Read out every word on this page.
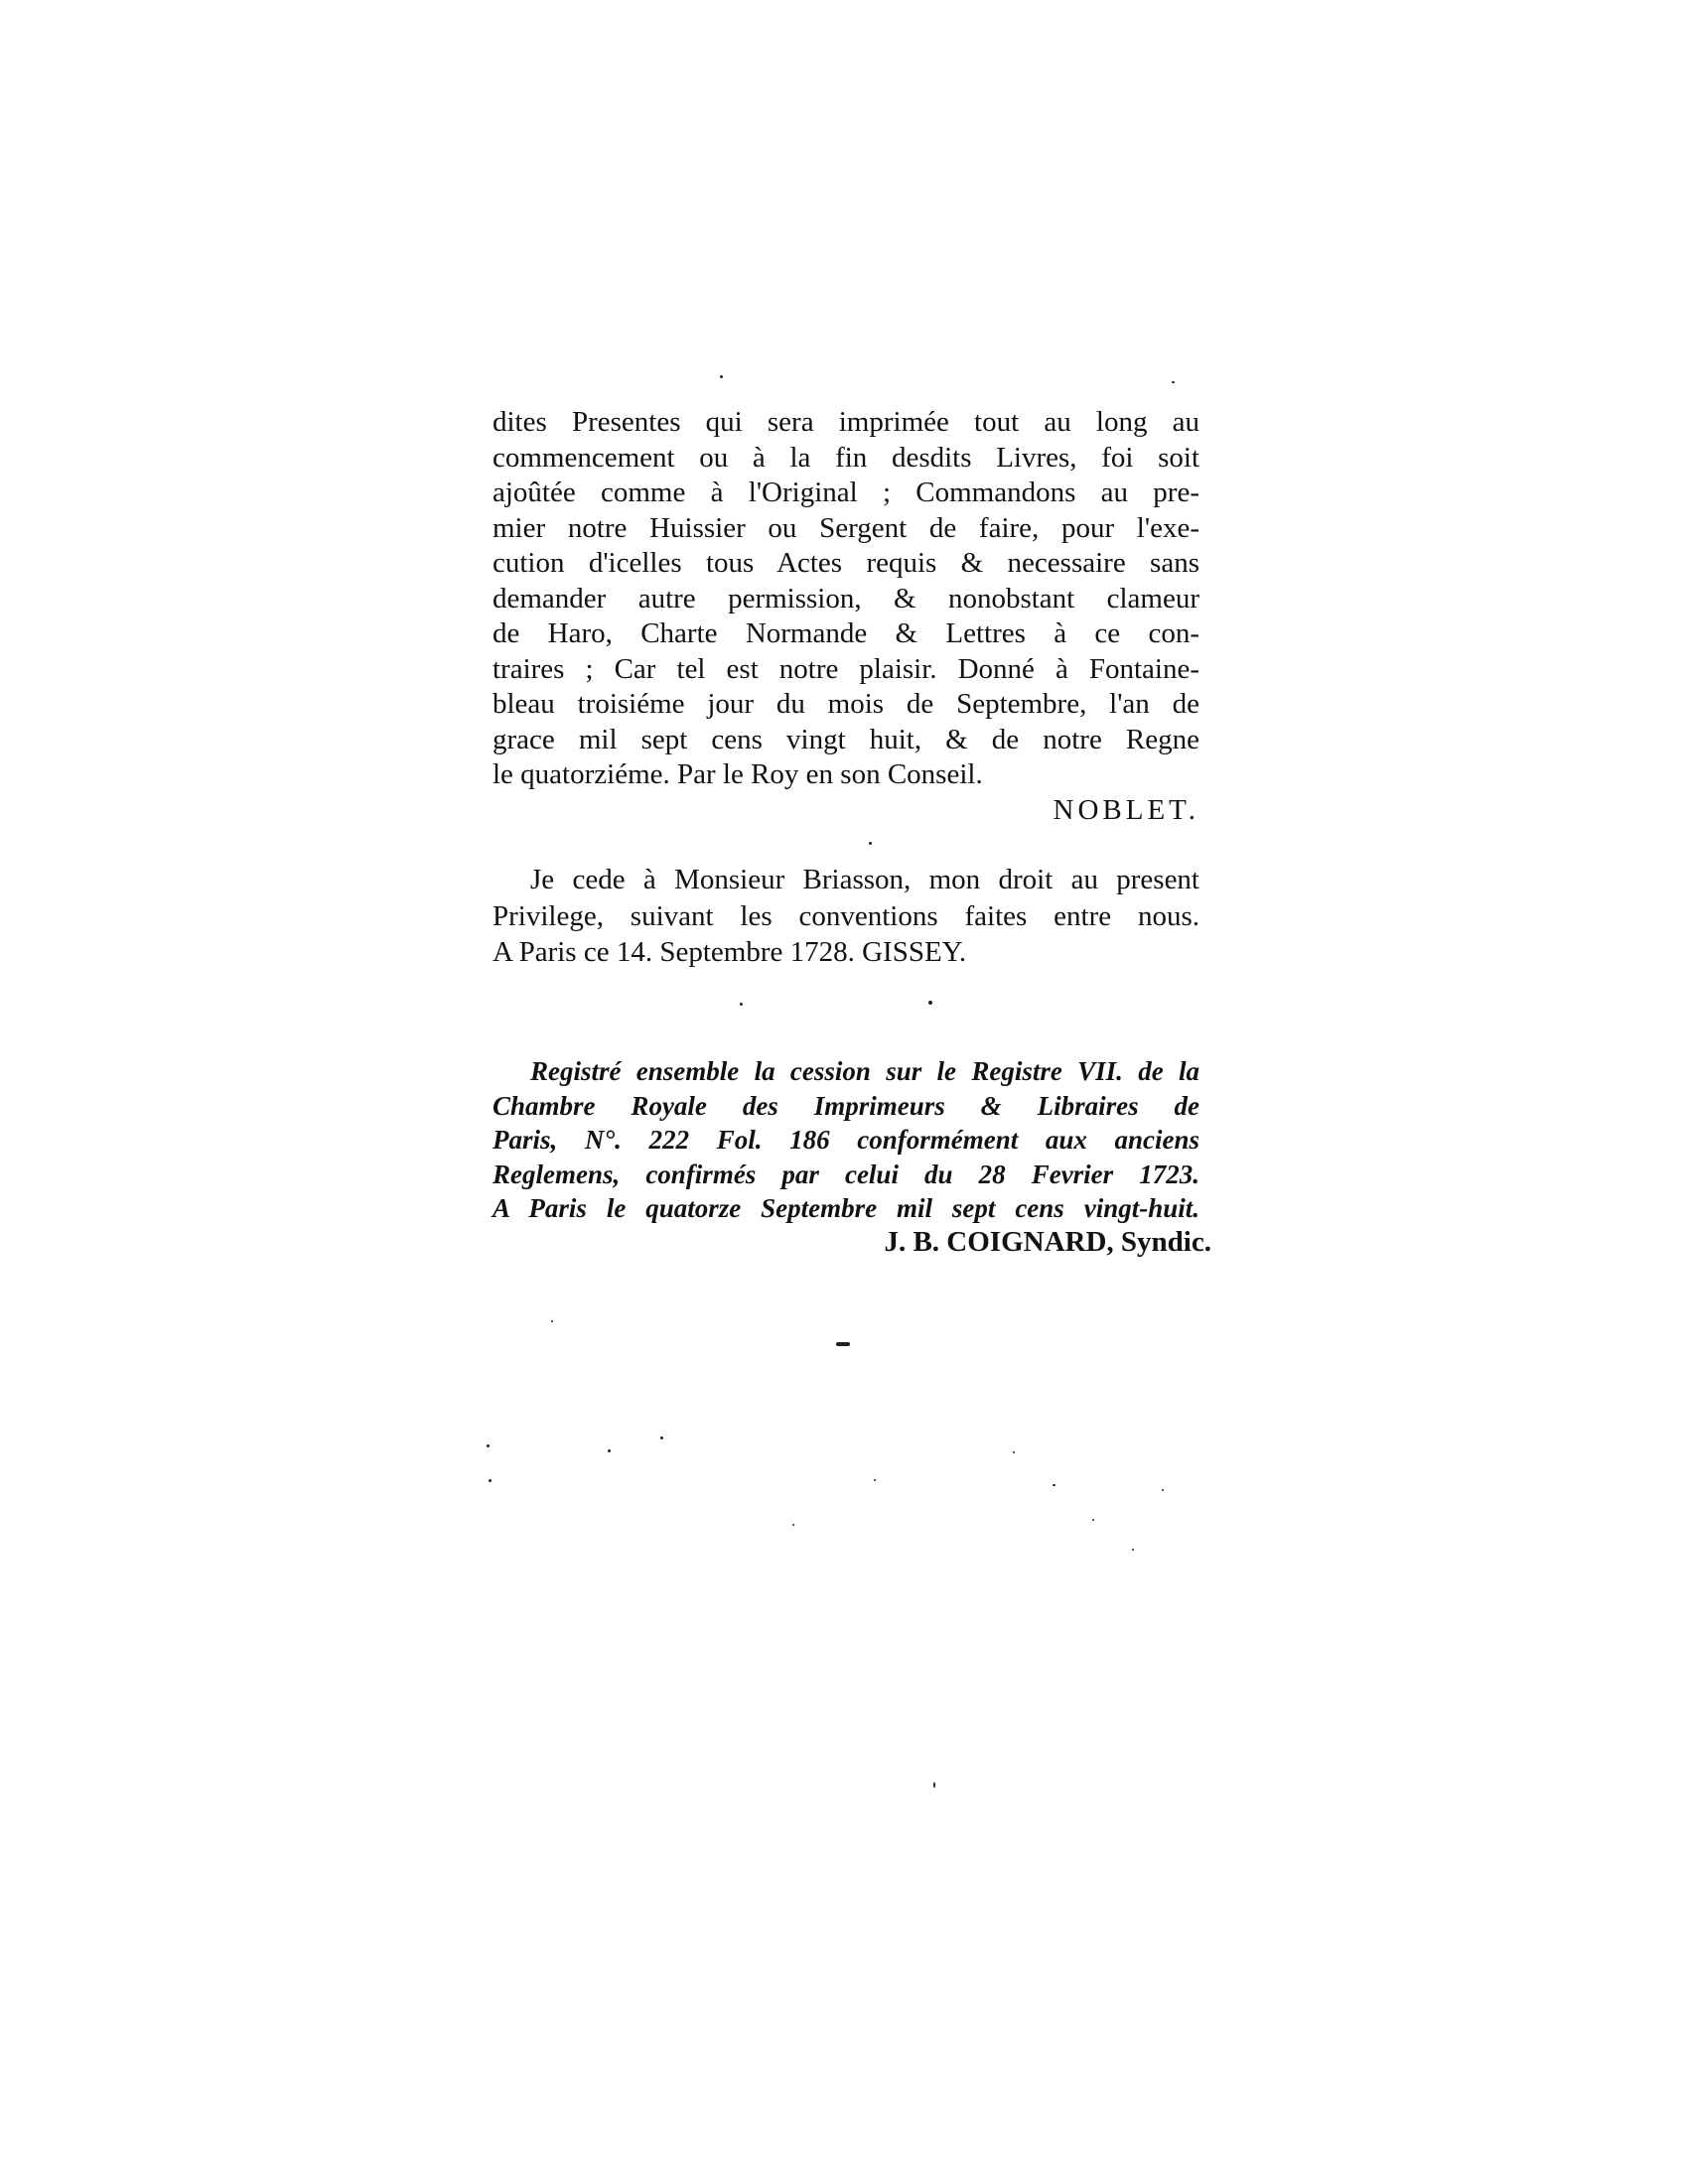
dites Presentes qui sera imprimée tout au long au
commencement ou à la fin desdits Livres, foi soit
ajoûtée comme à l'Original ; Commandons au pre-
mier notre Huissier ou Sergent de faire, pour l'exe-
cution d'icelles tous Actes requis & necessaire sans
demander autre permission, & nonobstant clameur
de Haro, Charte Normande & Lettres à ce con-
traires ; Car tel est notre plaisir. Donné à Fontaine-
bleau troisiéme jour du mois de Septembre, l'an de
grace mil sept cens vingt huit, & de notre Regne
le quatorziéme. Par le Roy en son Conseil.
NOBLET.
Je cede à Monsieur Briasson, mon droit au present
Privilege, suivant les conventions faites entre nous.
A Paris ce 14. Septembre 1728. GISSEY.
Registré ensemble la cession sur le Registre VII. de la
Chambre Royale des Imprimeurs & Libraires de
Paris, N°. 222 Fol. 186 conformément aux anciens
Reglemens, confirmés par celui du 28 Fevrier 1723.
A Paris le quatorze Septembre mil sept cens vingt-huit.
J. B. COIGNARD, Syndic.
